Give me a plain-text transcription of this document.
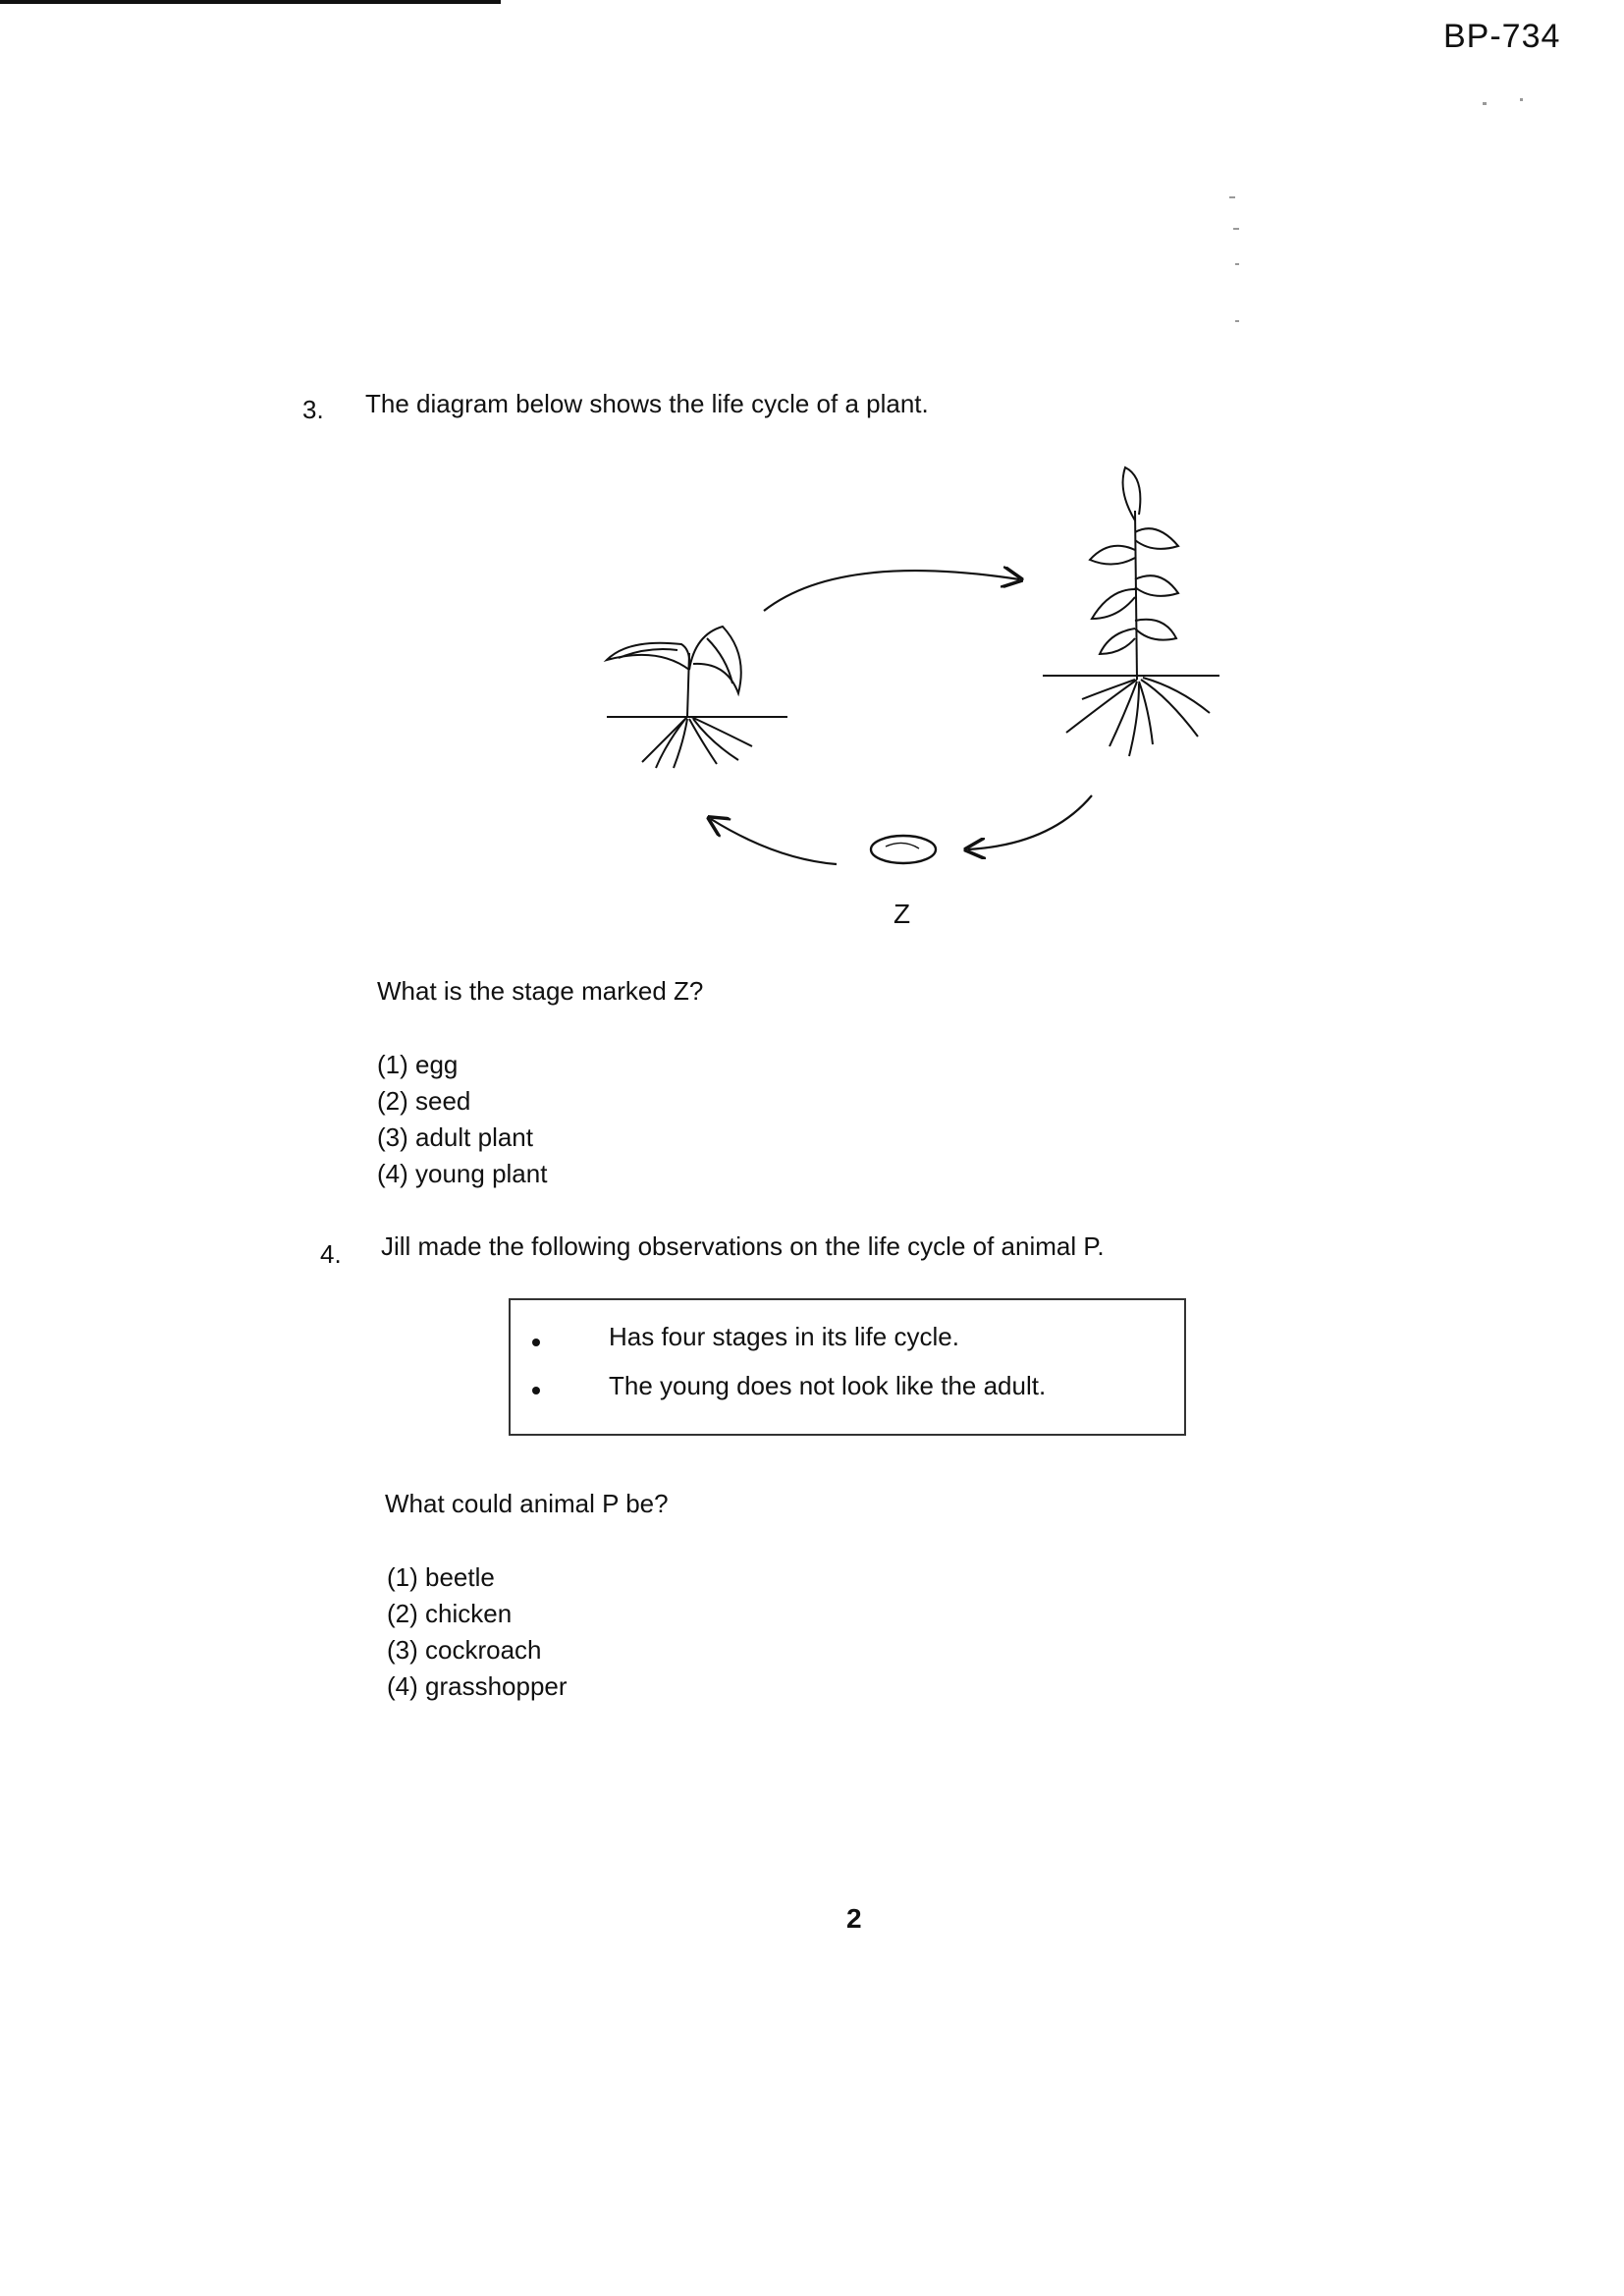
BP-734
3. The diagram below shows the life cycle of a plant.
Z
What is the stage marked Z?
(1) egg
(2) seed
(3) adult plant
(4) young plant
4. Jill made the following observations on the life cycle of animal P.
Has four stages in its life cycle.
The young does not look like the adult.
What could animal P be?
(1) beetle
(2) chicken
(3) cockroach
(4) grasshopper
2
